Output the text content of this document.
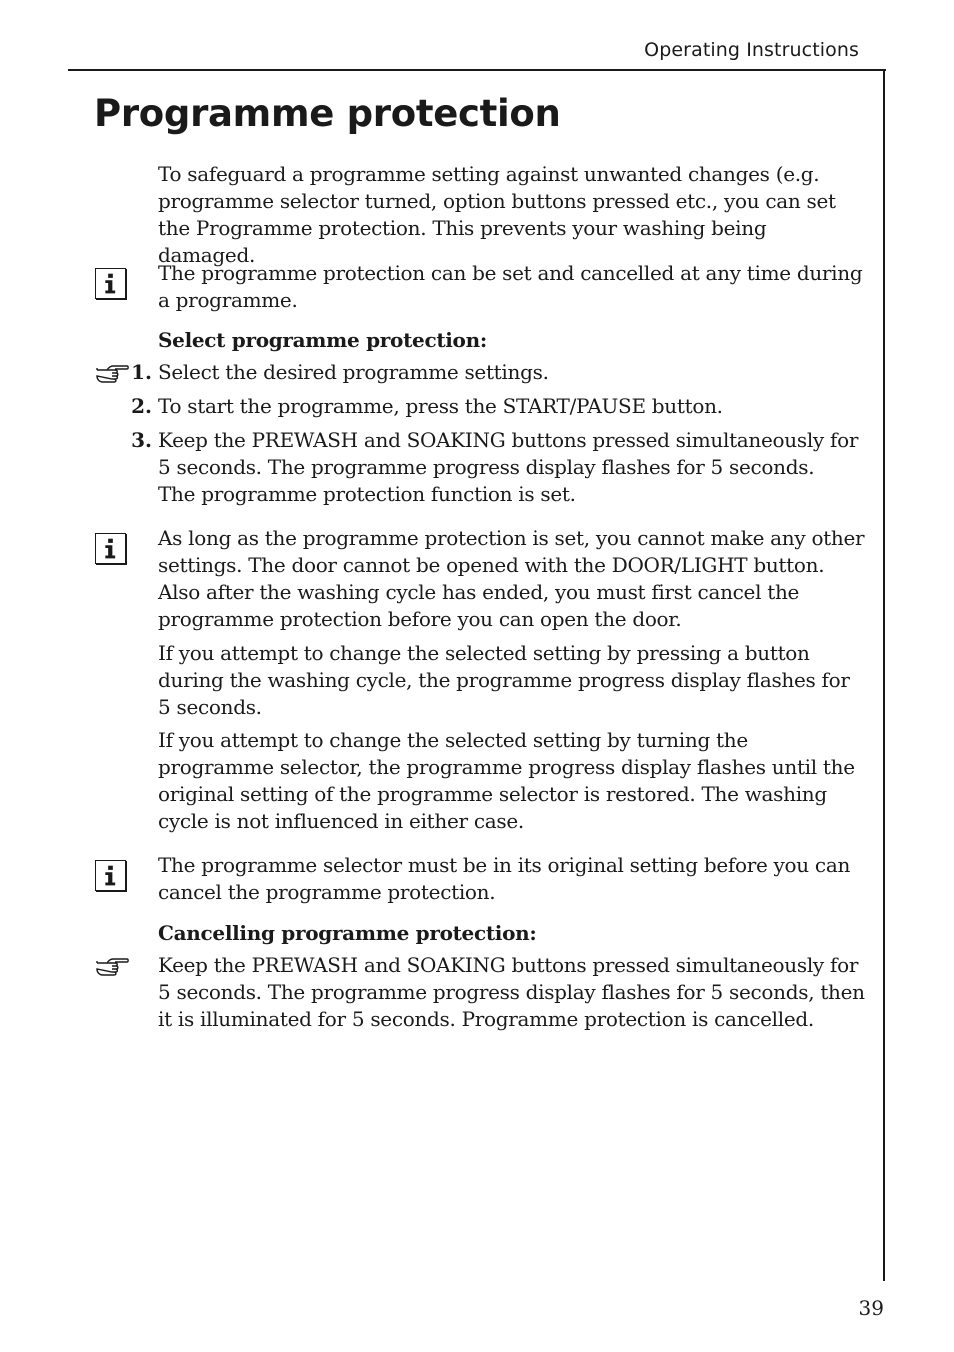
Operating Instructions
Programme protection

To safeguard a programme setting against unwanted changes (e.g. programme selector turned, option buttons pressed etc., you can set the Programme protection. This prevents your washing being damaged.

The programme protection can be set and cancelled at any time during a programme.

Select programme protection:

1. Select the desired programme settings.

2. To start the programme, press the START/PAUSE button.

3. Keep the PREWASH and SOAKING buttons pressed simultaneously for 5 seconds. The programme progress display flashes for 5 seconds.

The programme protection function is set.

As long as the programme protection is set, you cannot make any other settings. The door cannot be opened with the DOOR/LIGHT button. Also after the washing cycle has ended, you must first cancel the programme protection before you can open the door.

If you attempt to change the selected setting by pressing a button during the washing cycle, the programme progress display flashes for 5 seconds.

If you attempt to change the selected setting by turning the programme selector, the programme progress display flashes until the original setting of the programme selector is restored. The washing cycle is not influenced in either case.

The programme selector must be in its original setting before you can cancel the programme protection.

Cancelling programme protection:

Keep the PREWASH and SOAKING buttons pressed simultaneously for 5 seconds. The programme progress display flashes for 5 seconds, then it is illuminated for 5 seconds. Programme protection is cancelled.

39
